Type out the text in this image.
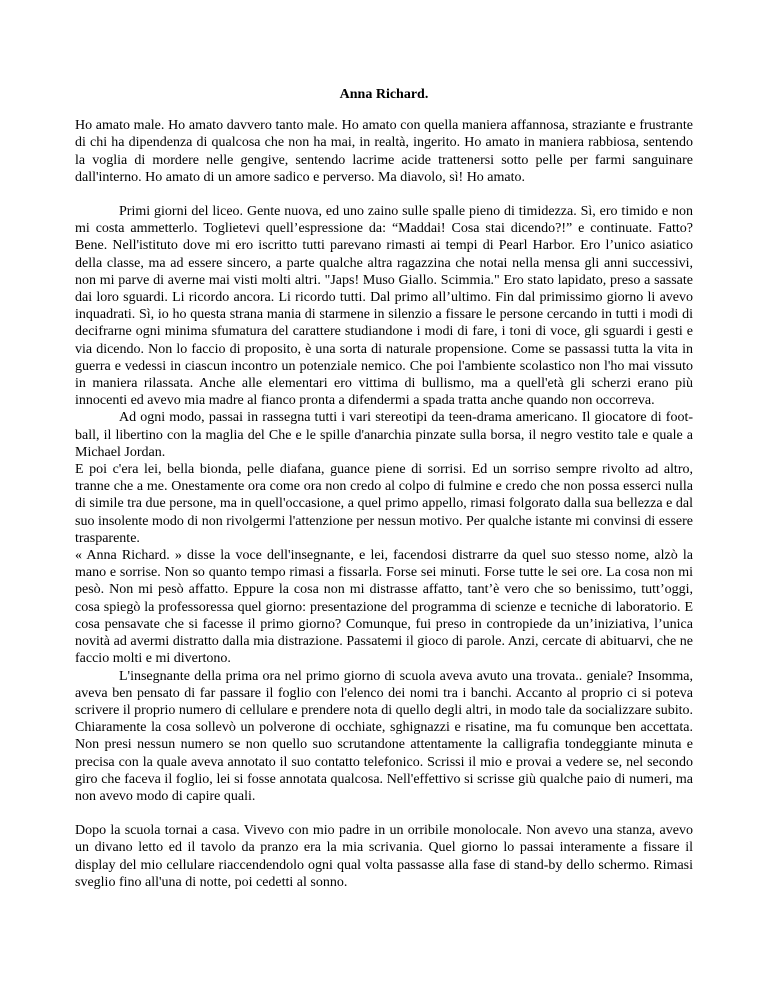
Anna Richard.

Ho amato male. Ho amato davvero tanto male. Ho amato con quella maniera affannosa, straziante e frustrante di chi ha dipendenza di qualcosa che non ha mai, in realtà, ingerito. Ho amato in maniera rabbiosa, sentendo la voglia di mordere nelle gengive, sentendo lacrime acide trattenersi sotto pelle per farmi sanguinare dall'interno. Ho amato di un amore sadico e perverso. Ma diavolo, sì! Ho amato.

Primi giorni del liceo. Gente nuova, ed uno zaino sulle spalle pieno di timidezza. Sì, ero timido e non mi costa ammetterlo. Toglietevi quell’espressione da: “Maddai! Cosa stai dicendo?!” e continuate. Fatto? Bene. Nell'istituto dove mi ero iscritto tutti parevano rimasti ai tempi di Pearl Harbor. Ero l’unico asiatico della classe, ma ad essere sincero, a parte qualche altra ragazzina che notai nella mensa gli anni successivi, non mi parve di averne mai visti molti altri. "Japs! Muso Giallo. Scimmia." Ero stato lapidato, preso a sassate dai loro sguardi. Li ricordo ancora. Li ricordo tutti. Dal primo all’ultimo. Fin dal primissimo giorno li avevo inquadrati. Sì, io ho questa strana mania di starmene in silenzio a fissare le persone cercando in tutti i modi di decifrarne ogni minima sfumatura del carattere studiandone i modi di fare, i toni di voce, gli sguardi i gesti e via dicendo. Non lo faccio di proposito, è una sorta di naturale propensione. Come se passassi tutta la vita in guerra e vedessi in ciascun incontro un potenziale nemico. Che poi l'ambiente scolastico non l'ho mai vissuto in maniera rilassata. Anche alle elementari ero vittima di bullismo, ma a quell'età gli scherzi erano più innocenti ed avevo mia madre al fianco pronta a difendermi a spada tratta anche quando non occorreva.

Ad ogni modo, passai in rassegna tutti i vari stereotipi da teen-drama americano. Il giocatore di foot-ball, il libertino con la maglia del Che e le spille d'anarchia pinzate sulla borsa, il negro vestito tale e quale a Michael Jordan.

E poi c'era lei, bella bionda, pelle diafana, guance piene di sorrisi. Ed un sorriso sempre rivolto ad altro, tranne che a me. Onestamente ora come ora non credo al colpo di fulmine e credo che non possa esserci nulla di simile tra due persone, ma in quell'occasione, a quel primo appello, rimasi folgorato dalla sua bellezza e dal suo insolente modo di non rivolgermi l'attenzione per nessun motivo. Per qualche istante mi convinsi di essere trasparente.

« Anna Richard. » disse la voce dell'insegnante, e lei, facendosi distrarre da quel suo stesso nome, alzò la mano e sorrise. Non so quanto tempo rimasi a fissarla. Forse sei minuti. Forse tutte le sei ore. La cosa non mi pesò. Non mi pesò affatto. Eppure la cosa non mi distrasse affatto, tant’è vero che so benissimo, tutt’oggi, cosa spiegò la professoressa quel giorno: presentazione del programma di scienze e tecniche di laboratorio. E cosa pensavate che si facesse il primo giorno? Comunque, fui preso in contropiede da un’iniziativa, l’unica novità ad avermi distratto dalla mia distrazione. Passatemi il gioco di parole. Anzi, cercate di abituarvi, che ne faccio molti e mi divertono.

L'insegnante della prima ora nel primo giorno di scuola aveva avuto una trovata.. geniale? Insomma, aveva ben pensato di far passare il foglio con l'elenco dei nomi tra i banchi. Accanto al proprio ci si poteva scrivere il proprio numero di cellulare e prendere nota di quello degli altri, in modo tale da socializzare subito. Chiaramente la cosa sollevò un polverone di occhiate, sghignazzi e risatine, ma fu comunque ben accettata. Non presi nessun numero se non quello suo scrutandone attentamente la calligrafia tondeggiante minuta e precisa con la quale aveva annotato il suo contatto telefonico. Scrissi il mio e provai a vedere se, nel secondo giro che faceva il foglio, lei si fosse annotata qualcosa. Nell'effettivo si scrisse giù qualche paio di numeri, ma non avevo modo di capire quali.

Dopo la scuola tornai a casa. Vivevo con mio padre in un orribile monolocale. Non avevo una stanza, avevo un divano letto ed il tavolo da pranzo era la mia scrivania. Quel giorno lo passai interamente a fissare il display del mio cellulare riaccendendolo ogni qual volta passasse alla fase di stand-by dello schermo. Rimasi sveglio fino all'una di notte, poi cedetti al sonno.
